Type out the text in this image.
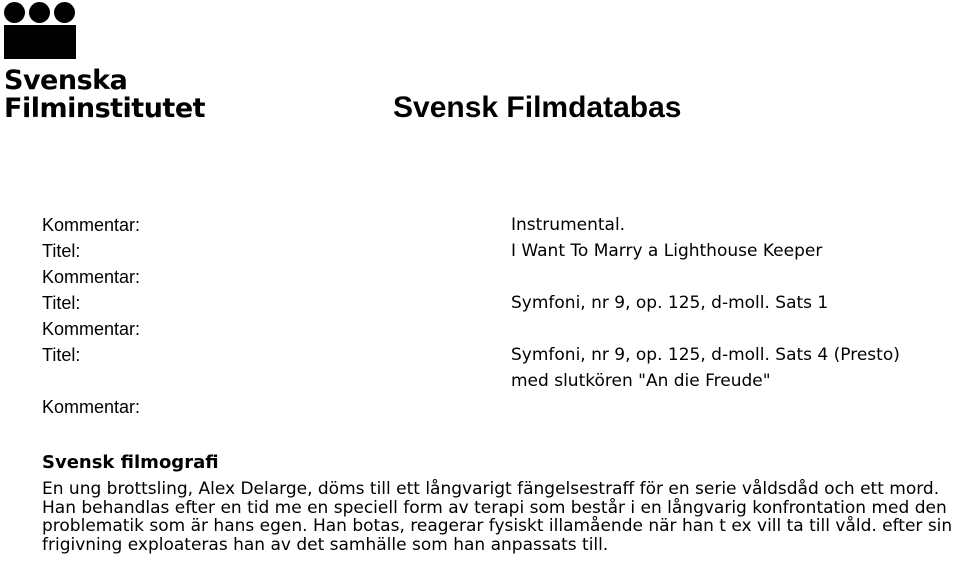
Svenska
Filminstitutet	Svensk Filmdatabas
Kommentar:	Instrumental.
Titel:	I Want To Marry a Lighthouse Keeper
Kommentar:
Titel:	Symfoni, nr 9, op. 125, d-moll. Sats 1
Kommentar:
Titel:	Symfoni, nr 9, op. 125, d-moll. Sats 4 (Presto) med slutkören "An die Freude"
Kommentar:
Svensk filmografi

En ung brottsling, Alex Delarge, döms till ett långvarigt fängelsestraff för en serie våldsdåd och ett mord. Han behandlas efter en tid me en speciell form av terapi som består i en långvarig konfrontation med den problematik som är hans egen. Han botas, reagerar fysiskt illamående när han t ex vill ta till våld. efter sin frigivning exploateras han av det samhälle som han anpassats till.
